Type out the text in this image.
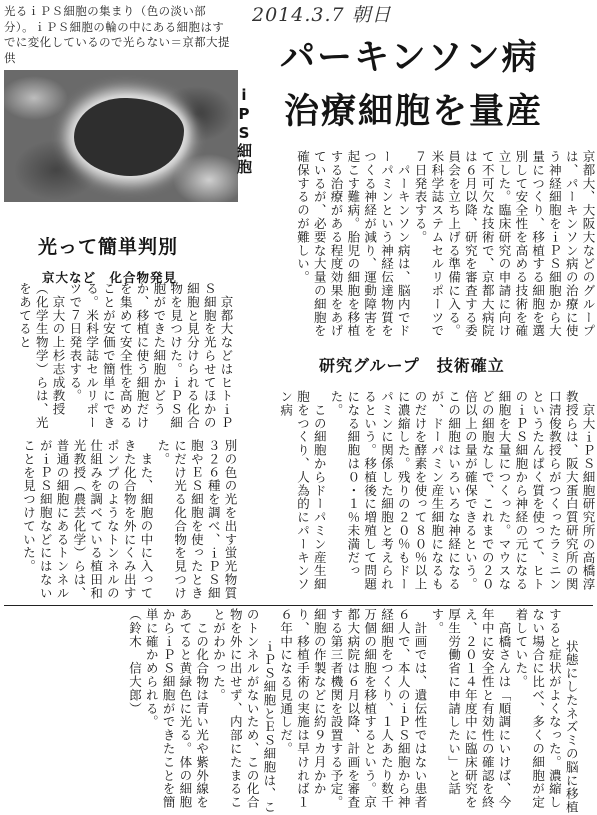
光るｉＰＳ細胞の集まり（色の淡い部分）。ｉＰＳ細胞の輪の中にある細胞はすでに変化しているので光らない＝京都大提供
2014.3.7 朝日
パーキンソン病
治療細胞を量産
iPS細胞
京都大、大阪大などのグループは、パーキンソン病の治療に使う神経細胞をｉＰＳ細胞から大量につくり、移植する細胞を選別して安全性を高める技術を確立した。臨床研究の申請に向けて不可欠な技術で、京都大病院は６月以降、研究を審査する委員会を立ち上げる準備に入る。米科学誌ステムセルリポーツで７日発表する。
　パーキンソン病は、脳内でドーパミンという神経伝達物質をつくる神経が減り、運動障害を起こす難病。胎児の細胞を移植する治療がある程度効果をあげているが、必要な大量の細胞を確保するのが難しい。
光って簡単判別
京大など　化合物発見
　京都大などはヒトｉＰＳ細胞を光らせてほかの細胞と見分けられる化合物を見つけた。ｉＰＳ細胞ができた細胞かどうか、移植に使う細胞だけを集めて安全性を高めることが安価で簡単にできる。米科学誌セルリポーツで７日発表する。
　京大の上杉志成教授（化学生物学）らは、光をあてると
研究グループ　技術確立
　京大ｉＰＳ細胞研究所の高橋淳教授らは、阪大蛋白質研究所の関口清俊教授らがつくったラミニンというたんぱく質を使って、ヒトのｉＰＳ細胞から神経の元になる細胞を大量につくった。マウスなどの細胞なしで、これまでの２０倍以上の量が確保できるという。この細胞はいろいろな神経になるが、ドーパミン産生細胞になるものだけを酵素を使って８０％以上に濃縮した。残りの２０％もドーパミンに関係した細胞と考えられるという。移植後に増殖して問題になる細胞は０・１％未満だった。
　この細胞からドーパミン産生細胞をつくり、人為的にパーキンソン病
別の色の光を出す蛍光物質３２６種を調べ、ｉＰＳ細胞やＥＳ細胞を使ったときにだけ光る化合物を見つけた。
　また、細胞の中に入ってきた化合物を外にくみ出すポンプのようなトンネルの仕組みを調べている植田和光教授（農芸化学）らは、普通の細胞にあるトンネルがｉＰＳ細胞などにはないことを見つけていた。

状態にしたネズミの脳に移植すると症状がよくなった。濃縮しない場合に比べ、多くの細胞が定着していた。
　高橋さんは「順調にいけば、今年中に安全性と有効性の確認を終え、２０１４年度中に臨床研究を厚生労働省に申請したい」と話す。
　計画では、遺伝性ではない患者６人で、本人のｉＰＳ細胞から神経細胞をつくり、１人あたり数千万個の細胞を移植するという。京都大病院は６月以降、計画を審査する第三者機関を設置する予定。細胞の作製などに約９カ月かかり、移植手術の実施は早ければ１６年中になる見通しだ。
ｉＰＳ細胞とＥＳ細胞は、このトンネルがないため、この化合物を外に出せず、内部にたまることがわかった。
　この化合物は青い光や紫外線をあてると黄緑色に光る。体の細胞からｉＰＳ細胞ができたことを簡単に確かめられる。
（鈴木　信大郎）
